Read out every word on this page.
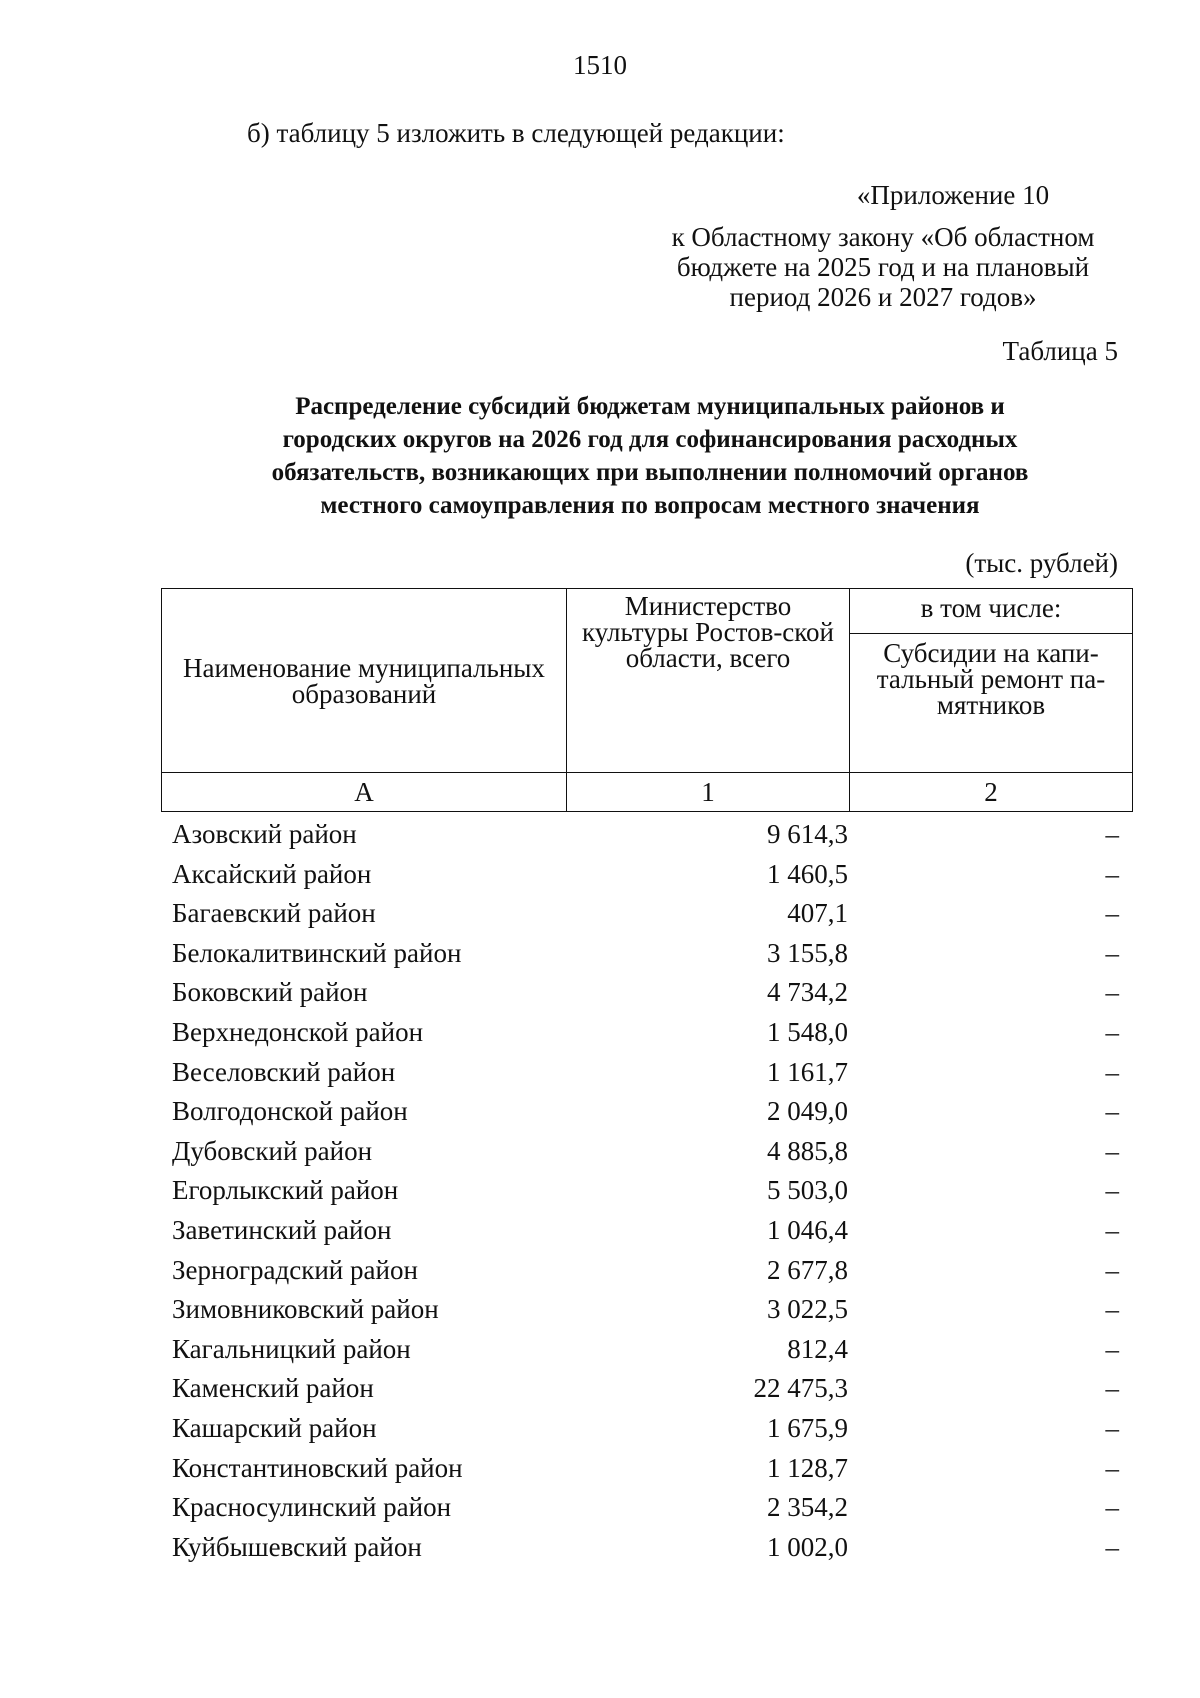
1510
б) таблицу 5 изложить в следующей редакции:
«Приложение 10
к Областному закону «Об областном
бюджете на 2025 год и на плановый
период 2026 и 2027 годов»
Таблица 5
Распределение субсидий бюджетам муниципальных районов и
городских округов на 2026 год для софинансирования расходных
обязательств, возникающих при выполнении полномочий органов
местного самоуправления по вопросам местного значения
(тыс. рублей)
Наименование муниципальных образований	Министерство культуры Ростов-ской области, всего	в том числе:
		Субсидии на капи-тальный ремонт па-мятников
А	1	2
Азовский район	9 614,3	–
Аксайский район	1 460,5	–
Багаевский район	407,1	–
Белокалитвинский район	3 155,8	–
Боковский район	4 734,2	–
Верхнедонской район	1 548,0	–
Веселовский район	1 161,7	–
Волгодонской район	2 049,0	–
Дубовский район	4 885,8	–
Егорлыкский район	5 503,0	–
Заветинский район	1 046,4	–
Зерноградский район	2 677,8	–
Зимовниковский район	3 022,5	–
Кагальницкий район	812,4	–
Каменский район	22 475,3	–
Кашарский район	1 675,9	–
Константиновский район	1 128,7	–
Красносулинский район	2 354,2	–
Куйбышевский район	1 002,0	–
